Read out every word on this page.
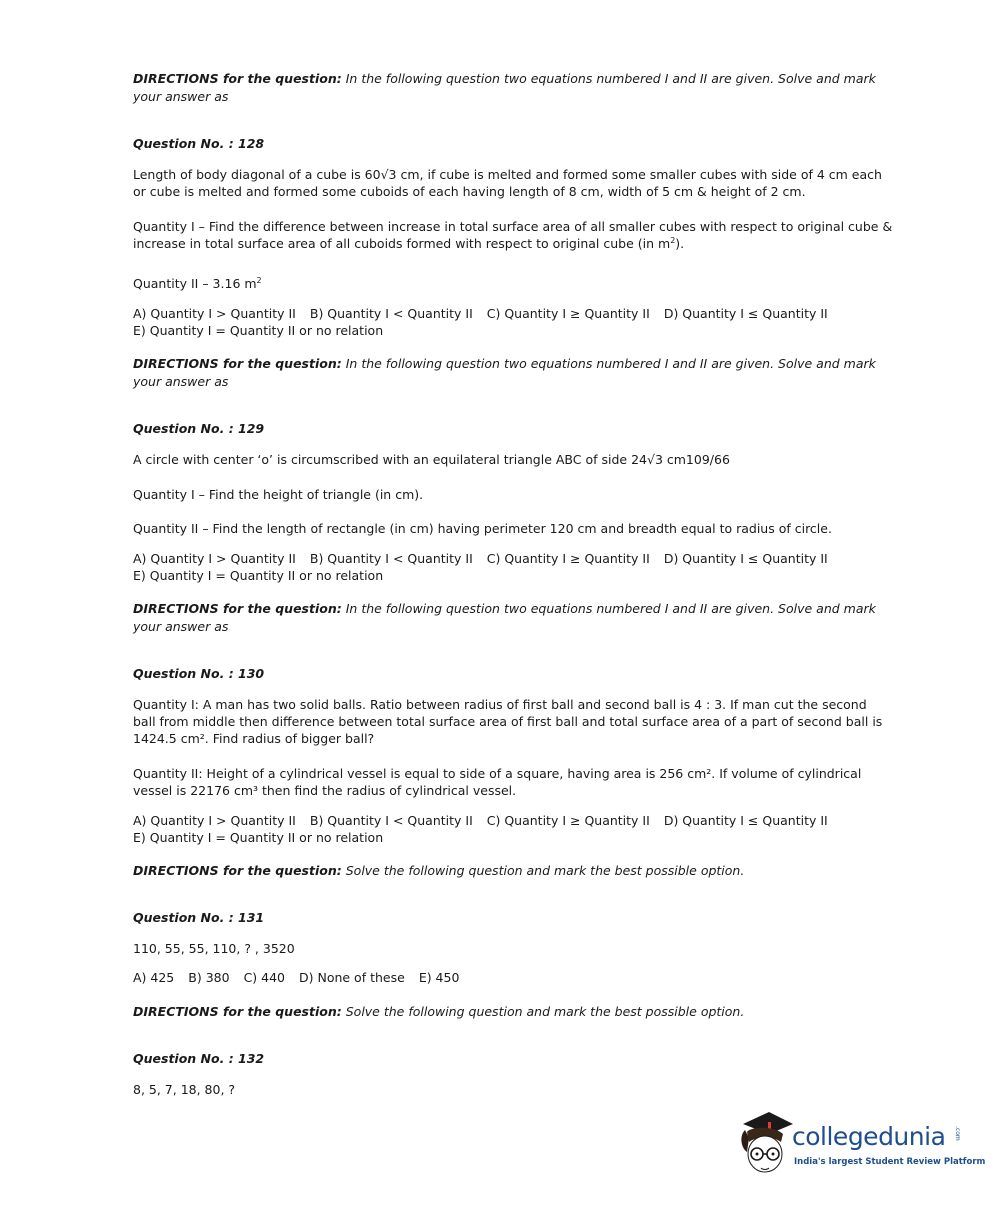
DIRECTIONS for the question: In the following question two equations numbered I and II are given. Solve and mark your answer as

Question No. : 128

Length of body diagonal of a cube is 60√3 cm, if cube is melted and formed some smaller cubes with side of 4 cm each or cube is melted and formed some cuboids of each having length of 8 cm, width of 5 cm & height of 2 cm.

Quantity I – Find the difference between increase in total surface area of all smaller cubes with respect to original cube & increase in total surface area of all cuboids formed with respect to original cube (in $m^2$).

Quantity II – 3.16 $m^2$

A) Quantity I > Quantity II B) Quantity I < Quantity II C) Quantity I ≥ Quantity II D) Quantity I ≤ Quantity II
E) Quantity I = Quantity II or no relation

DIRECTIONS for the question: In the following question two equations numbered I and II are given. Solve and mark your answer as

Question No. : 129

A circle with center ‘o’ is circumscribed with an equilateral triangle ABC of side 24√3 cm109/66

Quantity I – Find the height of triangle (in cm).

Quantity II – Find the length of rectangle (in cm) having perimeter 120 cm and breadth equal to radius of circle.

A) Quantity I > Quantity II B) Quantity I < Quantity II C) Quantity I ≥ Quantity II D) Quantity I ≤ Quantity II
E) Quantity I = Quantity II or no relation

DIRECTIONS for the question: In the following question two equations numbered I and II are given. Solve and mark your answer as

Question No. : 130

Quantity I: A man has two solid balls. Ratio between radius of first ball and second ball is 4 : 3. If man cut the second ball from middle then difference between total surface area of first ball and total surface area of a part of second ball is 1424.5 cm². Find radius of bigger ball?

Quantity II: Height of a cylindrical vessel is equal to side of a square, having area is 256 cm². If volume of cylindrical vessel is 22176 cm³ then find the radius of cylindrical vessel.

A) Quantity I > Quantity II B) Quantity I < Quantity II C) Quantity I ≥ Quantity II D) Quantity I ≤ Quantity II
E) Quantity I = Quantity II or no relation

DIRECTIONS for the question: Solve the following question and mark the best possible option.

Question No. : 131

110, 55, 55, 110, ? , 3520

A) 425 B) 380 C) 440 D) None of these E) 450

DIRECTIONS for the question: Solve the following question and mark the best possible option.

Question No. : 132

8, 5, 7, 18, 80, ?

collegedunia .com
India's largest Student Review Platform
